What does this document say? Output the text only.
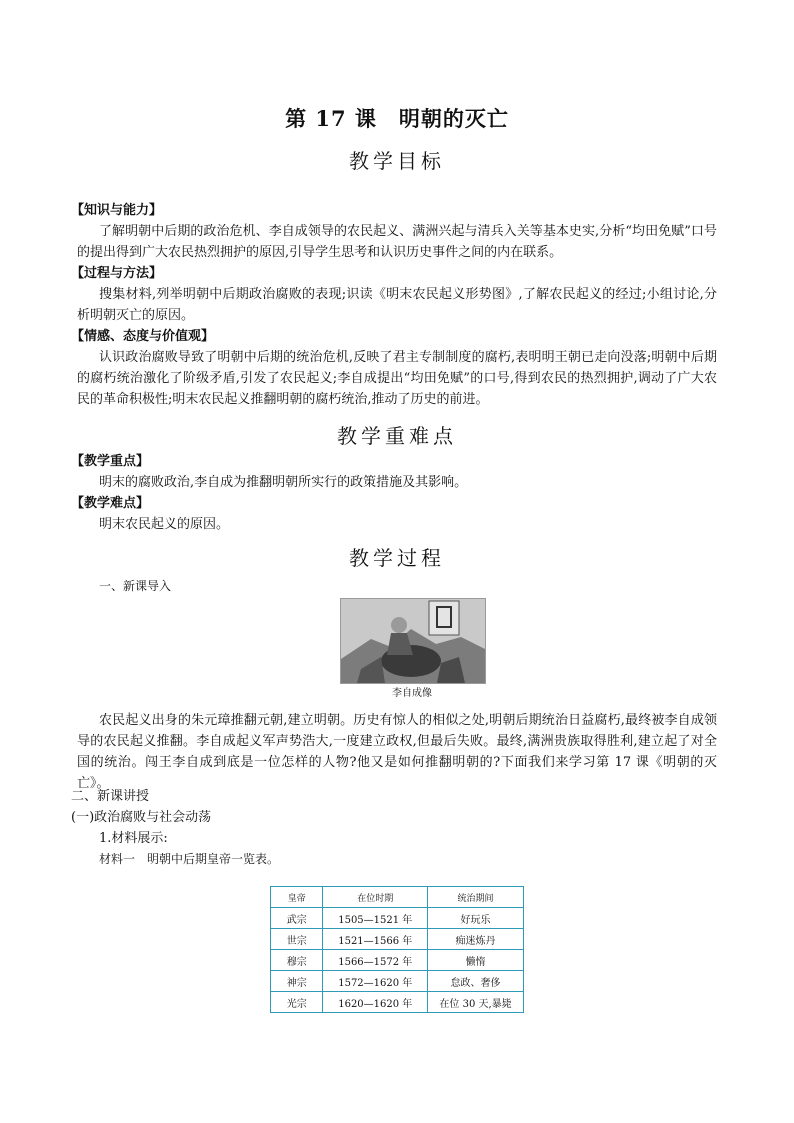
第 17 课　明朝的灭亡
教学目标

【知识与能力】

了解明朝中后期的政治危机、李自成领导的农民起义、满洲兴起与清兵入关等基本史实,分析“均田免赋”口号的提出得到广大农民热烈拥护的原因,引导学生思考和认识历史事件之间的内在联系。

【过程与方法】

搜集材料,列举明朝中后期政治腐败的表现;识读《明末农民起义形势图》,了解农民起义的经过;小组讨论,分析明朝灭亡的原因。

【情感、态度与价值观】

认识政治腐败导致了明朝中后期的统治危机,反映了君主专制制度的腐朽,表明明王朝已走向没落;明朝中后期的腐朽统治激化了阶级矛盾,引发了农民起义;李自成提出“均田免赋”的口号,得到农民的热烈拥护,调动了广大农民的革命积极性;明末农民起义推翻明朝的腐朽统治,推动了历史的前进。

教学重难点

【教学重点】

明末的腐败政治,李自成为推翻明朝所实行的政策措施及其影响。

【教学难点】

明末农民起义的原因。

教学过程

一、新课导入

李自成像

农民起义出身的朱元璋推翻元朝,建立明朝。历史有惊人的相似之处,明朝后期统治日益腐朽,最终被李自成领导的农民起义推翻。李自成起义军声势浩大,一度建立政权,但最后失败。最终,满洲贵族取得胜利,建立起了对全国的统治。闯王李自成到底是一位怎样的人物?他又是如何推翻明朝的?下面我们来学习第 17 课《明朝的灭亡》。

二、新课讲授

(一)政治腐败与社会动荡

1.材料展示:

材料一　明朝中后期皇帝一览表。

皇帝	在位时期	统治期间
武宗	1505—1521 年	好玩乐
世宗	1521—1566 年	痴迷炼丹
穆宗	1566—1572 年	懒惰
神宗	1572—1620 年	怠政、奢侈
光宗	1620—1620 年	在位 30 天,暴毙
